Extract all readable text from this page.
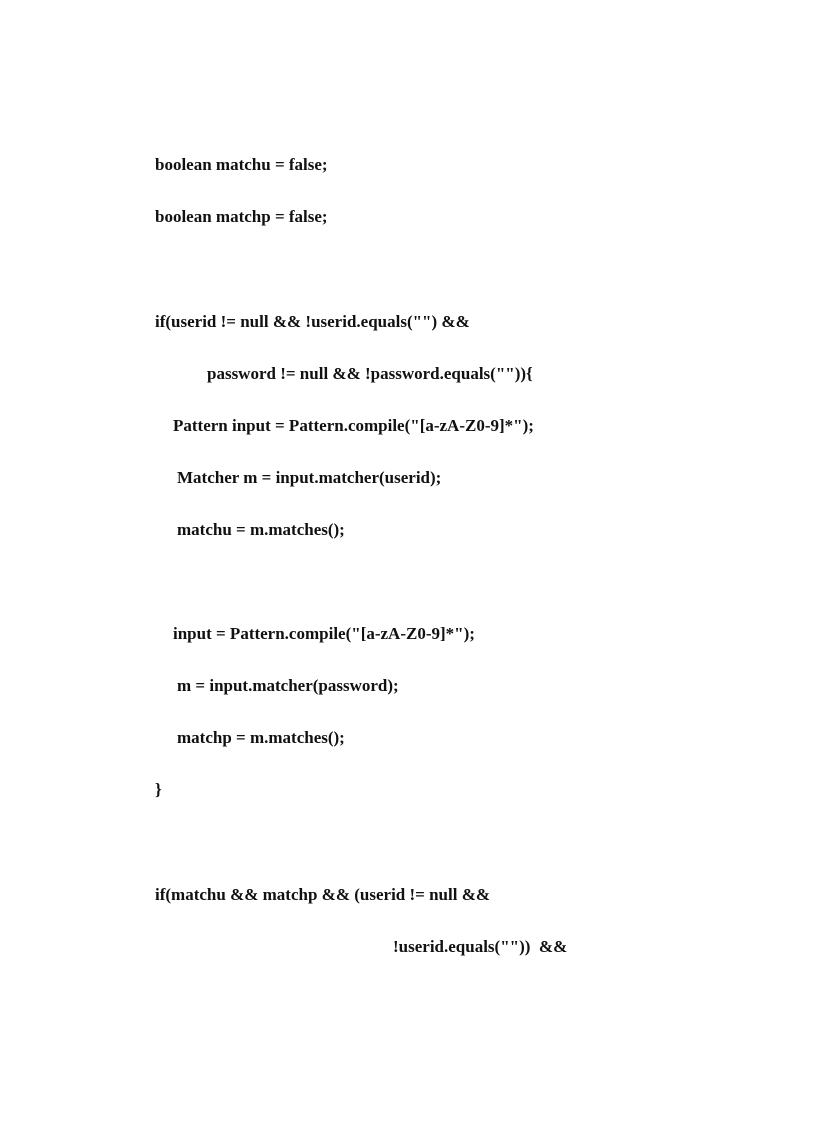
boolean matchu = false;

boolean matchp = false;

if(userid != null && !userid.equals("") &&

password != null && !password.equals("")){

Pattern input = Pattern.compile("[a-zA-Z0-9]*");

Matcher m = input.matcher(userid);

matchu = m.matches();

input = Pattern.compile("[a-zA-Z0-9]*");

m = input.matcher(password);

matchp = m.matches();

}

if(matchu && matchp && (userid != null &&

!userid.equals(""))  &&
